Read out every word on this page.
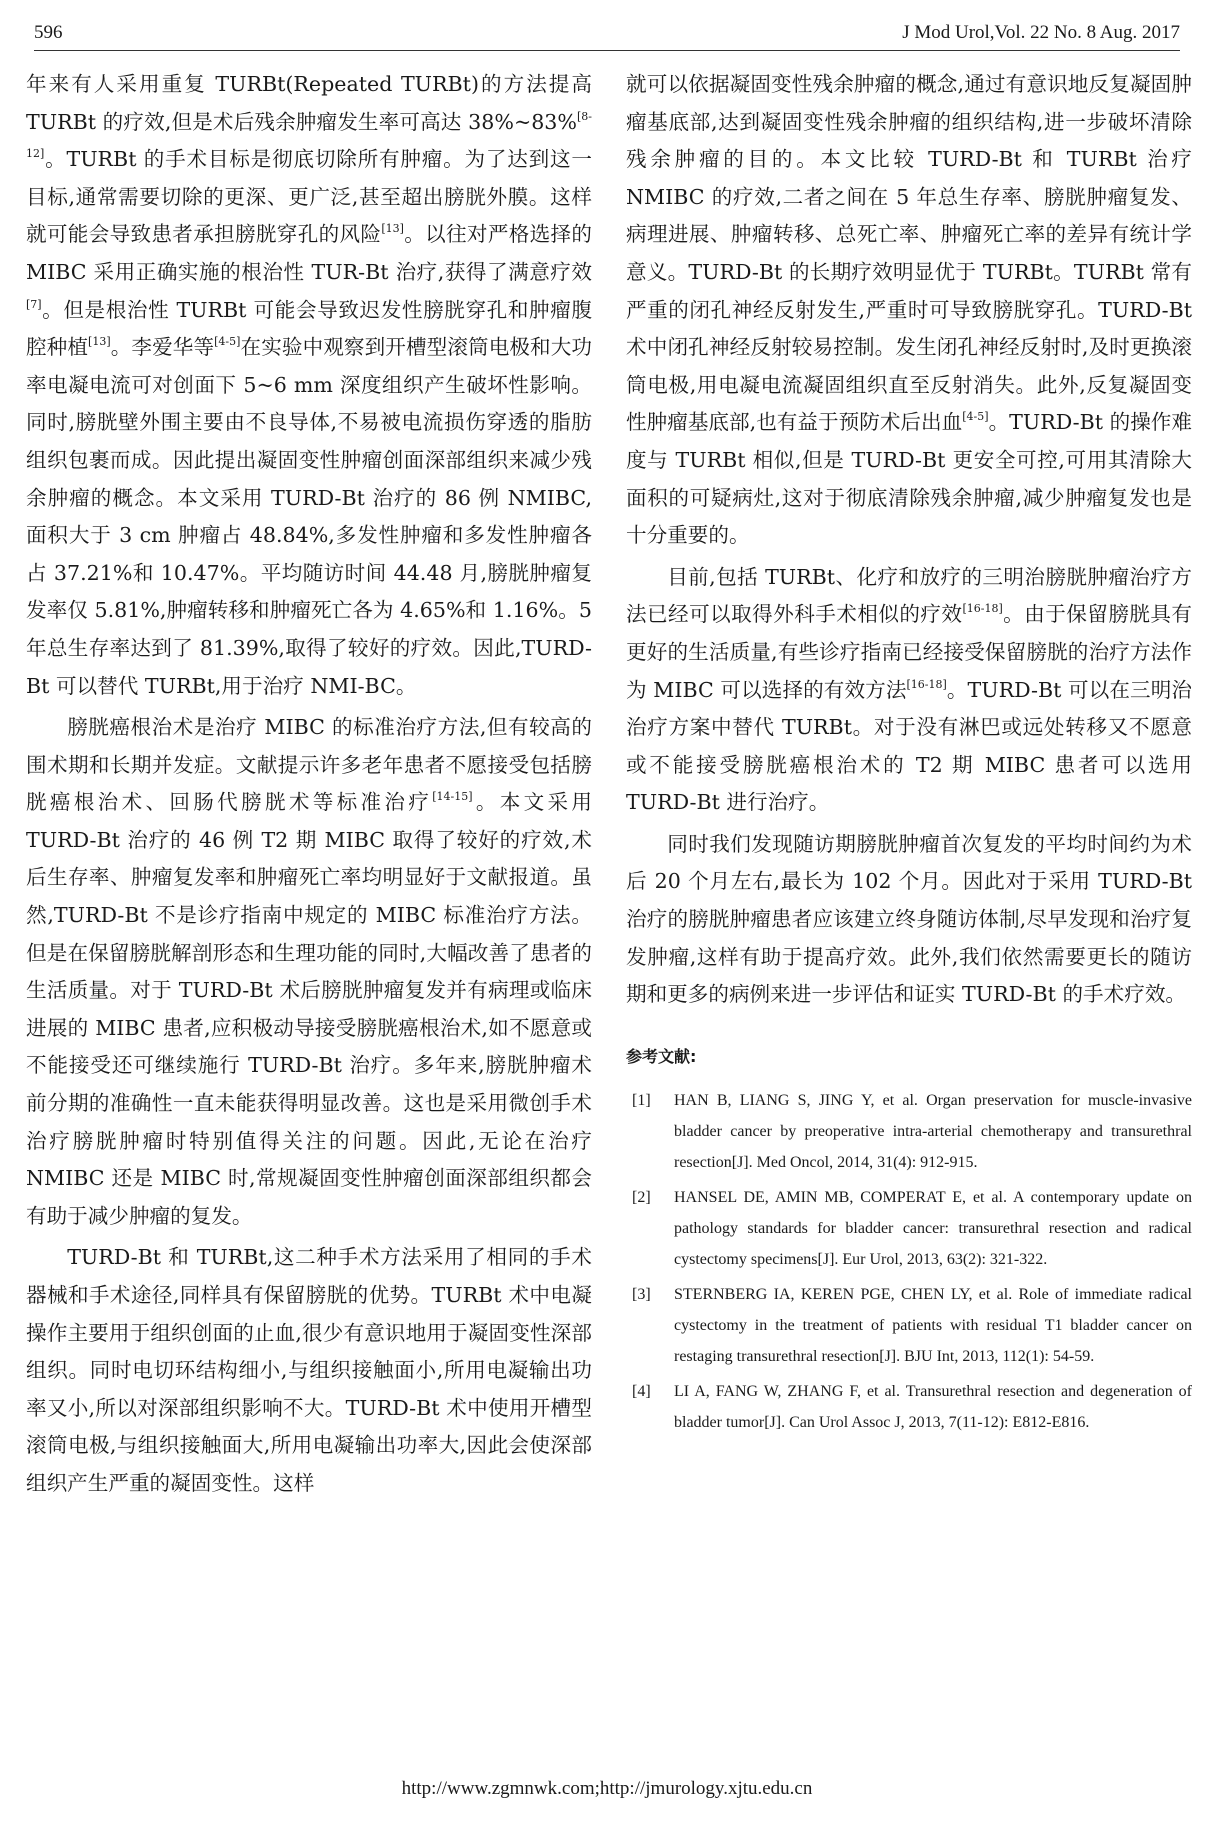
596	J Mod Urol,Vol. 22 No. 8 Aug. 2017

年来有人采用重复 TURBt(Repeated TURBt)的方法提高 TURBt 的疗效,但是术后残余肿瘤发生率可高达 38%~83%[8-12]。TURBt 的手术目标是彻底切除所有肿瘤。为了达到这一目标,通常需要切除的更深、更广泛,甚至超出膀胱外膜。这样就可能会导致患者承担膀胱穿孔的风险[13]。以往对严格选择的 MIBC 采用正确实施的根治性 TUR-Bt 治疗,获得了满意疗效[7]。但是根治性 TURBt 可能会导致迟发性膀胱穿孔和肿瘤腹腔种植[13]。李爱华等[4-5]在实验中观察到开槽型滚筒电极和大功率电凝电流可对创面下 5~6 mm 深度组织产生破坏性影响。同时,膀胱壁外围主要由不良导体,不易被电流损伤穿透的脂肪组织包裹而成。因此提出凝固变性肿瘤创面深部组织来减少残余肿瘤的概念。本文采用 TURD-Bt 治疗的 86 例 NMIBC,面积大于 3 cm 肿瘤占 48.84%,多发性肿瘤和多发性肿瘤各占 37.21%和 10.47%。平均随访时间 44.48 月,膀胱肿瘤复发率仅 5.81%,肿瘤转移和肿瘤死亡各为 4.65%和 1.16%。5 年总生存率达到了 81.39%,取得了较好的疗效。因此,TURD-Bt 可以替代 TURBt,用于治疗 NMI-BC。

膀胱癌根治术是治疗 MIBC 的标准治疗方法,但有较高的围术期和长期并发症。文献提示许多老年患者不愿接受包括膀胱癌根治术、回肠代膀胱术等标准治疗[14-15]。本文采用 TURD-Bt 治疗的 46 例 T2 期 MIBC 取得了较好的疗效,术后生存率、肿瘤复发率和肿瘤死亡率均明显好于文献报道。虽然,TURD-Bt 不是诊疗指南中规定的 MIBC 标准治疗方法。但是在保留膀胱解剖形态和生理功能的同时,大幅改善了患者的生活质量。对于 TURD-Bt 术后膀胱肿瘤复发并有病理或临床进展的 MIBC 患者,应积极动导接受膀胱癌根治术,如不愿意或不能接受还可继续施行 TURD-Bt 治疗。多年来,膀胱肿瘤术前分期的准确性一直未能获得明显改善。这也是采用微创手术治疗膀胱肿瘤时特别值得关注的问题。因此,无论在治疗 NMIBC 还是 MIBC 时,常规凝固变性肿瘤创面深部组织都会有助于减少肿瘤的复发。

TURD-Bt 和 TURBt,这二种手术方法采用了相同的手术器械和手术途径,同样具有保留膀胱的优势。TURBt 术中电凝操作主要用于组织创面的止血,很少有意识地用于凝固变性深部组织。同时电切环结构细小,与组织接触面小,所用电凝输出功率又小,所以对深部组织影响不大。TURD-Bt 术中使用开槽型滚筒电极,与组织接触面大,所用电凝输出功率大,因此会使深部组织产生严重的凝固变性。这样

就可以依据凝固变性残余肿瘤的概念,通过有意识地反复凝固肿瘤基底部,达到凝固变性残余肿瘤的组织结构,进一步破坏清除残余肿瘤的目的。本文比较 TURD-Bt 和 TURBt 治疗 NMIBC 的疗效,二者之间在 5 年总生存率、膀胱肿瘤复发、病理进展、肿瘤转移、总死亡率、肿瘤死亡率的差异有统计学意义。TURD-Bt 的长期疗效明显优于 TURBt。TURBt 常有严重的闭孔神经反射发生,严重时可导致膀胱穿孔。TURD-Bt 术中闭孔神经反射较易控制。发生闭孔神经反射时,及时更换滚筒电极,用电凝电流凝固组织直至反射消失。此外,反复凝固变性肿瘤基底部,也有益于预防术后出血[4-5]。TURD-Bt 的操作难度与 TURBt 相似,但是 TURD-Bt 更安全可控,可用其清除大面积的可疑病灶,这对于彻底清除残余肿瘤,减少肿瘤复发也是十分重要的。

目前,包括 TURBt、化疗和放疗的三明治膀胱肿瘤治疗方法已经可以取得外科手术相似的疗效[16-18]。由于保留膀胱具有更好的生活质量,有些诊疗指南已经接受保留膀胱的治疗方法作为 MIBC 可以选择的有效方法[16-18]。TURD-Bt 可以在三明治治疗方案中替代 TURBt。对于没有淋巴或远处转移又不愿意或不能接受膀胱癌根治术的 T2 期 MIBC 患者可以选用 TURD-Bt 进行治疗。

同时我们发现随访期膀胱肿瘤首次复发的平均时间约为术后 20 个月左右,最长为 102 个月。因此对于采用 TURD-Bt 治疗的膀胱肿瘤患者应该建立终身随访体制,尽早发现和治疗复发肿瘤,这样有助于提高疗效。此外,我们依然需要更长的随访期和更多的病例来进一步评估和证实 TURD-Bt 的手术疗效。

参考文献:
[1]	HAN B, LIANG S, JING Y, et al. Organ preservation for muscle-invasive bladder cancer by preoperative intra-arterial chemotherapy and transurethral resection[J]. Med Oncol, 2014, 31(4): 912-915.
[2]	HANSEL DE, AMIN MB, COMPERAT E, et al. A contemporary update on pathology standards for bladder cancer: transurethral resection and radical cystectomy specimens[J]. Eur Urol, 2013, 63(2): 321-322.
[3]	STERNBERG IA, KEREN PGE, CHEN LY, et al. Role of immediate radical cystectomy in the treatment of patients with residual T1 bladder cancer on restaging transurethral resection[J]. BJU Int, 2013, 112(1): 54-59.
[4]	LI A, FANG W, ZHANG F, et al. Transurethral resection and degeneration of bladder tumor[J]. Can Urol Assoc J, 2013, 7(11-12): E812-E816.
http://www.zgmnwk.com;http://jmurology.xjtu.edu.cn
